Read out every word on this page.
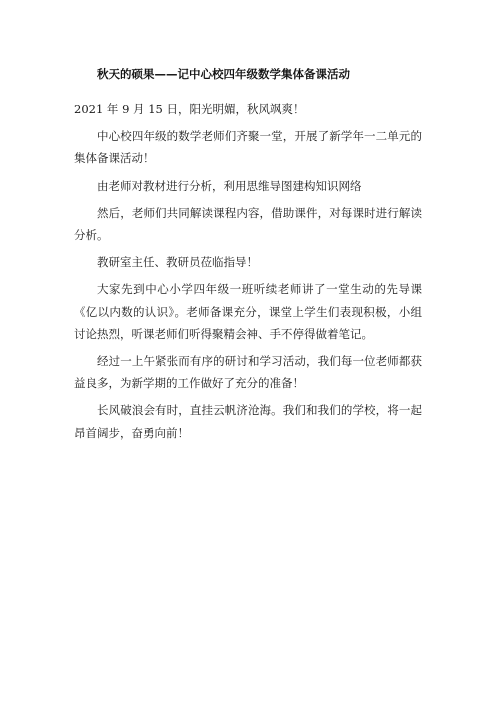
秋天的硕果——记中心校四年级数学集体备课活动

2021 年 9 月 15 日，阳光明媚，秋风飒爽！

中心校四年级的数学老师们齐聚一堂，开展了新学年一二单元的集体备课活动！

由老师对教材进行分析，利用思维导图建构知识网络

然后，老师们共同解读课程内容，借助课件，对每课时进行解读分析。

教研室主任、教研员莅临指导！

大家先到中心小学四年级一班听续老师讲了一堂生动的先导课《亿以内数的认识》。老师备课充分，课堂上学生们表现积极，小组讨论热烈，听课老师们听得聚精会神、手不停得做着笔记。

经过一上午紧张而有序的研讨和学习活动，我们每一位老师都获益良多，为新学期的工作做好了充分的准备！

长风破浪会有时，直挂云帆济沧海。我们和我们的学校，将一起昂首阔步，奋勇向前！
